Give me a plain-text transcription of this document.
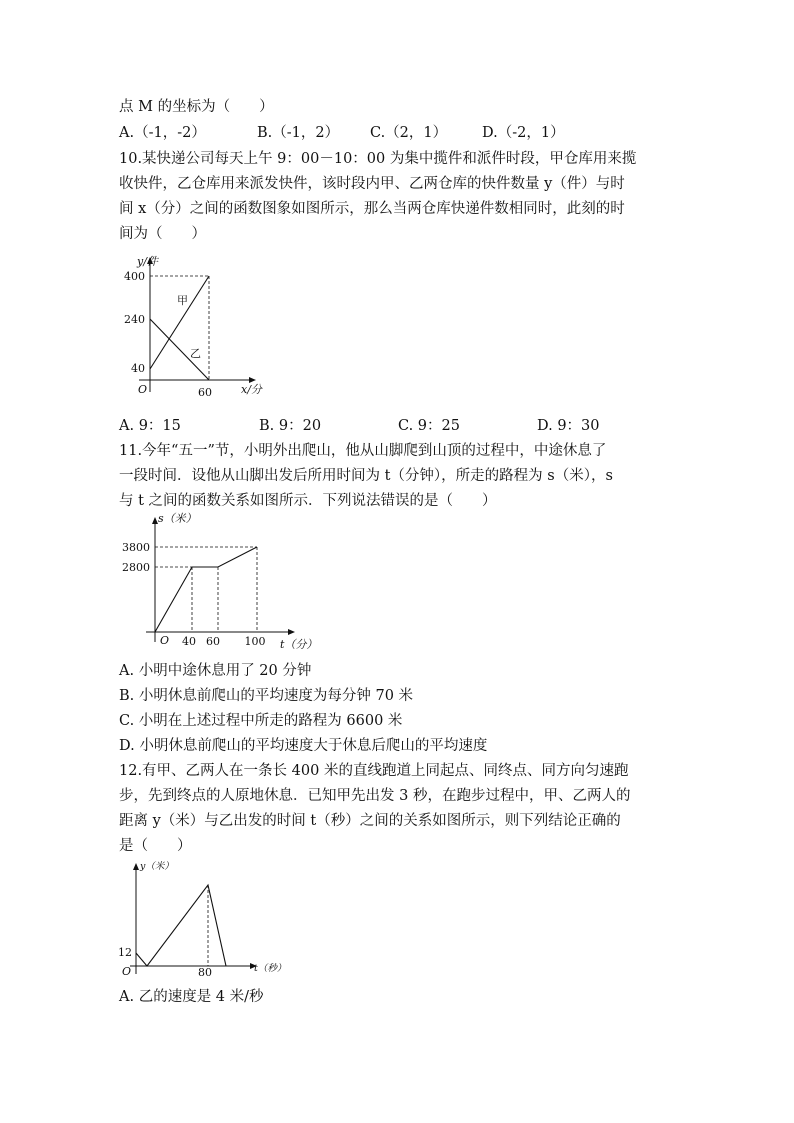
点 M 的坐标为（　　）
A.（-1，-2）	B.（-1，2） C.（2，1） D.（-2，1）
10.某快递公司每天上午 9：00－10：00 为集中揽件和派件时段，甲仓库用来揽
收快件，乙仓库用来派发快件，该时段内甲、乙两仓库的快件数量 y（件）与时
间 x（分）之间的函数图象如图所示，那么当两仓库快递件数相同时，此刻的时
间为（　　）
y/件
400
240
40
O	60	x/分
甲
乙
A. 9：15	B. 9：20	C. 9：25	D. 9：30
11.今年“五一”节，小明外出爬山，他从山脚爬到山顶的过程中，中途休息了
一段时间．设他从山脚出发后所用时间为 t（分钟），所走的路程为 s（米），s
与 t 之间的函数关系如图所示．下列说法错误的是（　　）
s（米）
3800
2800
O 40 60 100 t（分）
A. 小明中途休息用了 20 分钟
B. 小明休息前爬山的平均速度为每分钟 70 米
C. 小明在上述过程中所走的路程为 6600 米
D. 小明休息前爬山的平均速度大于休息后爬山的平均速度
12.有甲、乙两人在一条长 400 米的直线跑道上同起点、同终点、同方向匀速跑
步，先到终点的人原地休息．已知甲先出发 3 秒，在跑步过程中，甲、乙两人的
距离 y（米）与乙出发的时间 t（秒）之间的关系如图所示，则下列结论正确的
是（　　）
y（米）
12
O	80	t（秒）
A. 乙的速度是 4 米/秒
